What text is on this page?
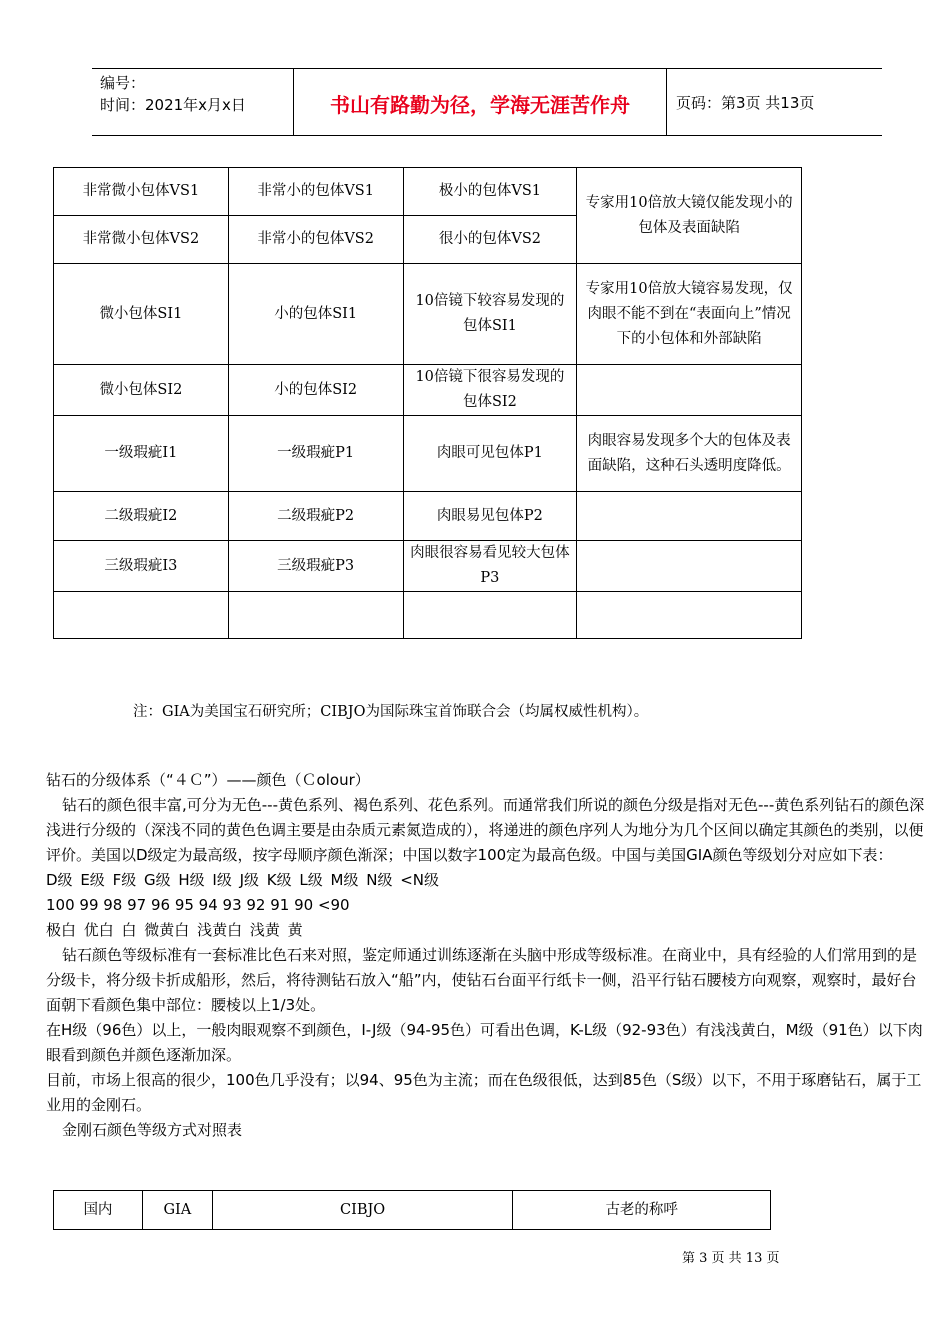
编号：
时间：2021年x月x日	书山有路勤为径，学海无涯苦作舟	页码：第3页 共13页
非常微小包体VS1	非常小的包体VS1	极小的包体VS1	专家用10倍放大镜仅能发现小的包体及表面缺陷
非常微小包体VS2	非常小的包体VS2	很小的包体VS2	
微小包体SI1	小的包体SI1	10倍镜下较容易发现的包体SI1	专家用10倍放大镜容易发现，仅肉眼不能不到在“表面向上”情况下的小包体和外部缺陷
微小包体SI2	小的包体SI2	10倍镜下很容易发现的包体SI2	
一级瑕疵I1	一级瑕疵P1	肉眼可见包体P1	肉眼容易发现多个大的包体及表面缺陷，这种石头透明度降低。
二级瑕疵I2	二级瑕疵P2	肉眼易见包体P2	
三级瑕疵I3	三级瑕疵P3	肉眼很容易看见较大包体P3	

注：GIA为美国宝石研究所；CIBJO为国际珠宝首饰联合会（均属权威性机构）。

钻石的分级体系（“４Ｃ”）——颜色（Ｃolour）

钻石的颜色很丰富,可分为无色---黄色系列、褐色系列、花色系列。而通常我们所说的颜色分级是指对无色---黄色系列钻石的颜色深浅进行分级的（深浅不同的黄色色调主要是由杂质元素氮造成的），将递进的颜色序列人为地分为几个区间以确定其颜色的类别，以便评价。美国以D级定为最高级，按字母顺序颜色渐深；中国以数字100定为最高色级。中国与美国GIA颜色等级划分对应如下表：

D级 E级 F级 G级 H级 I级 J级 K级 L级 M级 N级 <N级

100 99 98 97 96 95 94 93 92 91 90 <90

极白 优白 白 微黄白 浅黄白 浅黄 黄

钻石颜色等级标准有一套标准比色石来对照，鉴定师通过训练逐渐在头脑中形成等级标准。在商业中，具有经验的人们常用到的是分级卡，将分级卡折成船形，然后，将待测钻石放入“船”内，使钻石台面平行纸卡一侧，沿平行钻石腰棱方向观察，观察时，最好台面朝下看颜色集中部位：腰棱以上1/3处。

在H级（96色）以上，一般肉眼观察不到颜色，I-J级（94-95色）可看出色调，K-L级（92-93色）有浅浅黄白，M级（91色）以下肉眼看到颜色并颜色逐渐加深。

目前，市场上很高的很少，100色几乎没有；以94、95色为主流；而在色级很低，达到85色（S级）以下，不用于琢磨钻石，属于工业用的金刚石。

金刚石颜色等级方式对照表

国内	GIA	CIBJO	古老的称呼
第 3 页 共 13 页
